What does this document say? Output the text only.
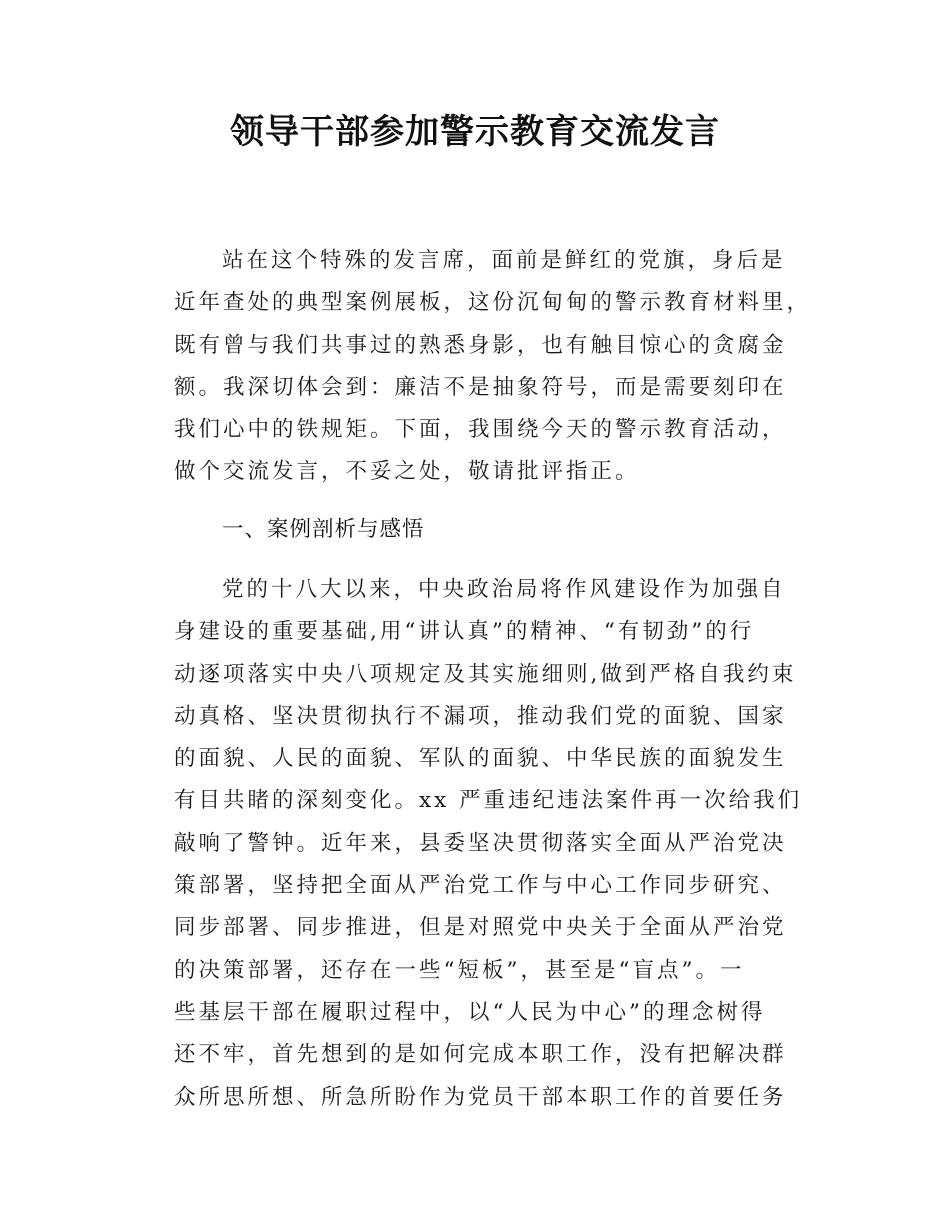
领导干部参加警示教育交流发言
站在这个特殊的发言席，面前是鲜红的党旗，身后是
近年查处的典型案例展板，这份沉甸甸的警示教育材料里，
既有曾与我们共事过的熟悉身影，也有触目惊心的贪腐金
额。我深切体会到：廉洁不是抽象符号，而是需要刻印在
我们心中的铁规矩。下面，我围绕今天的警示教育活动，
做个交流发言，不妥之处，敬请批评指正。
一、案例剖析与感悟
党的十八大以来，中央政治局将作风建设作为加强自
身建设的重要基础,用“讲认真”的精神、“有韧劲”的行
动逐项落实中央八项规定及其实施细则,做到严格自我约束
动真格、坚决贯彻执行不漏项，推动我们党的面貌、国家
的面貌、人民的面貌、军队的面貌、中华民族的面貌发生
有目共睹的深刻变化。xx 严重违纪违法案件再一次给我们
敲响了警钟。近年来，县委坚决贯彻落实全面从严治党决
策部署，坚持把全面从严治党工作与中心工作同步研究、
同步部署、同步推进，但是对照党中央关于全面从严治党
的决策部署，还存在一些“短板”，甚至是“盲点”。一
些基层干部在履职过程中，以“人民为中心”的理念树得
还不牢，首先想到的是如何完成本职工作，没有把解决群
众所思所想、所急所盼作为党员干部本职工作的首要任务
